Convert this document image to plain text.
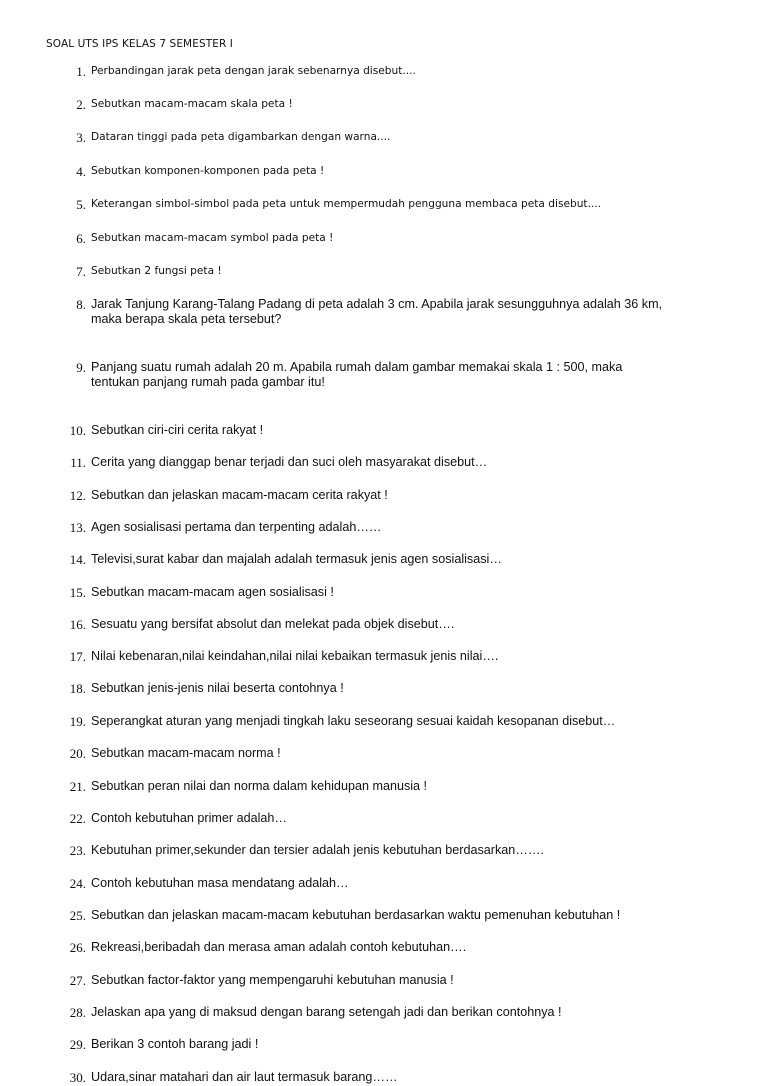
SOAL UTS IPS KELAS 7 SEMESTER I
1. Perbandingan jarak peta dengan jarak sebenarnya disebut....
2. Sebutkan macam-macam skala peta !
3. Dataran tinggi pada peta digambarkan dengan warna....
4. Sebutkan komponen-komponen pada peta !
5. Keterangan simbol-simbol pada peta untuk mempermudah pengguna membaca peta disebut....
6. Sebutkan macam-macam symbol pada peta !
7. Sebutkan 2 fungsi peta !
8. Jarak Tanjung Karang-Talang Padang di peta adalah 3 cm. Apabila jarak sesungguhnya adalah 36 km,
maka berapa skala peta tersebut?
9. Panjang suatu rumah adalah 20 m. Apabila rumah dalam gambar memakai skala 1 : 500, maka
tentukan panjang rumah pada gambar itu!
10. Sebutkan ciri-ciri cerita rakyat !
11. Cerita yang dianggap benar terjadi dan suci oleh masyarakat disebut…
12. Sebutkan dan jelaskan macam-macam cerita rakyat !
13. Agen sosialisasi pertama dan terpenting adalah……
14. Televisi,surat kabar dan majalah adalah termasuk jenis agen sosialisasi…
15. Sebutkan macam-macam agen sosialisasi !
16. Sesuatu yang bersifat absolut dan melekat pada objek disebut….
17. Nilai kebenaran,nilai keindahan,nilai nilai kebaikan termasuk jenis nilai….
18. Sebutkan jenis-jenis nilai beserta contohnya !
19. Seperangkat aturan yang menjadi tingkah laku seseorang sesuai kaidah kesopanan disebut…
20. Sebutkan macam-macam norma !
21. Sebutkan peran nilai dan norma dalam kehidupan manusia !
22. Contoh kebutuhan primer adalah…
23. Kebutuhan primer,sekunder dan tersier adalah jenis kebutuhan berdasarkan…….
24. Contoh kebutuhan masa mendatang adalah…
25. Sebutkan dan jelaskan macam-macam kebutuhan berdasarkan waktu pemenuhan kebutuhan !
26. Rekreasi,beribadah dan merasa aman adalah contoh kebutuhan….
27. Sebutkan factor-faktor yang mempengaruhi kebutuhan manusia !
28. Jelaskan apa yang di maksud dengan barang setengah jadi dan berikan contohnya !
29. Berikan 3 contoh barang jadi !
30. Udara,sinar matahari dan air laut termasuk barang……
